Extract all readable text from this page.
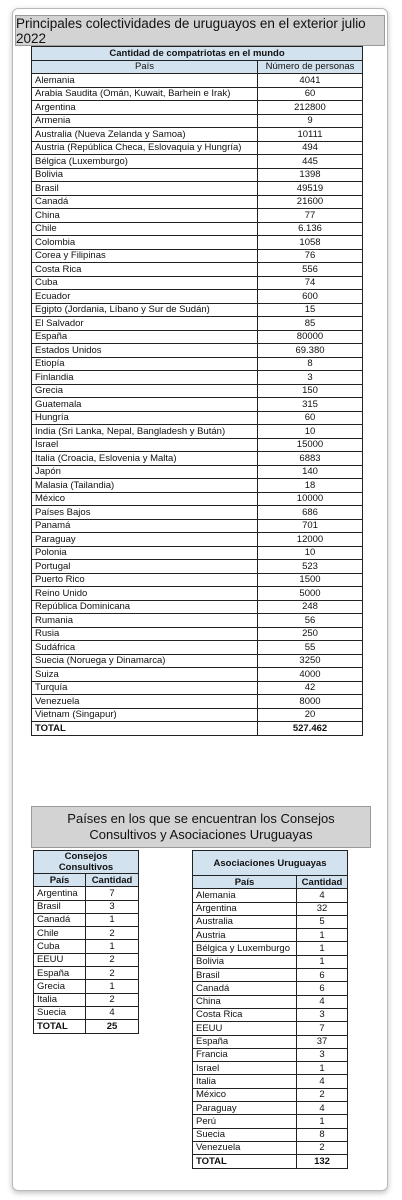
Principales colectividades de uruguayos en el exterior julio 2022
Cantidad de compatriotas en el mundo	
País	Número de personas
Alemania	4041
Arabia Saudita (Omán, Kuwait, Barhein e Irak)	60
Argentina	212800
Armenia	9
Australia (Nueva Zelanda y Samoa)	10111
Austria (República Checa, Eslovaquia y Hungría)	494
Bélgica (Luxemburgo)	445
Bolivia	1398
Brasil	49519
Canadá	21600
China	77
Chile	6.136
Colombia	1058
Corea y Filipinas	76
Costa Rica	556
Cuba	74
Ecuador	600
Egipto (Jordania, Líbano y Sur de Sudán)	15
El Salvador	85
España	80000
Estados Unidos	69.380
Etiopía	8
Finlandia	3
Grecia	150
Guatemala	315
Hungría	60
India (Sri Lanka, Nepal, Bangladesh y Bután)	10
Israel	15000
Italia (Croacia, Eslovenia y Malta)	6883
Japón	140
Malasia (Tailandia)	18
México	10000
Países Bajos	686
Panamá	701
Paraguay	12000
Polonia	10
Portugal	523
Puerto Rico	1500
Reino Unido	5000
República Dominicana	248
Rumania	56
Rusia	250
Sudáfrica	55
Suecia (Noruega y Dinamarca)	3250
Suiza	4000
Turquía	42
Venezuela	8000
Vietnam (Singapur)	20
TOTAL	527.462
Países en los que se encuentran los Consejos
Consultivos y Asociaciones Uruguayas
Consejos Consultivos	
País	Cantidad
Argentina	7
Brasil	3
Canadá	1
Chile	2
Cuba	1
EEUU	2
España	2
Grecia	1
Italia	2
Suecia	4
TOTAL	25
Asociaciones Uruguayas	
País	Cantidad
Alemania	4
Argentina	32
Australia	5
Austria	1
Bélgica y Luxemburgo	1
Bolivia	1
Brasil	6
Canadá	6
China	4
Costa Rica	3
EEUU	7
España	37
Francia	3
Israel	1
Italia	4
México	2
Paraguay	4
Perú	1
Suecia	8
Venezuela	2
TOTAL	132
